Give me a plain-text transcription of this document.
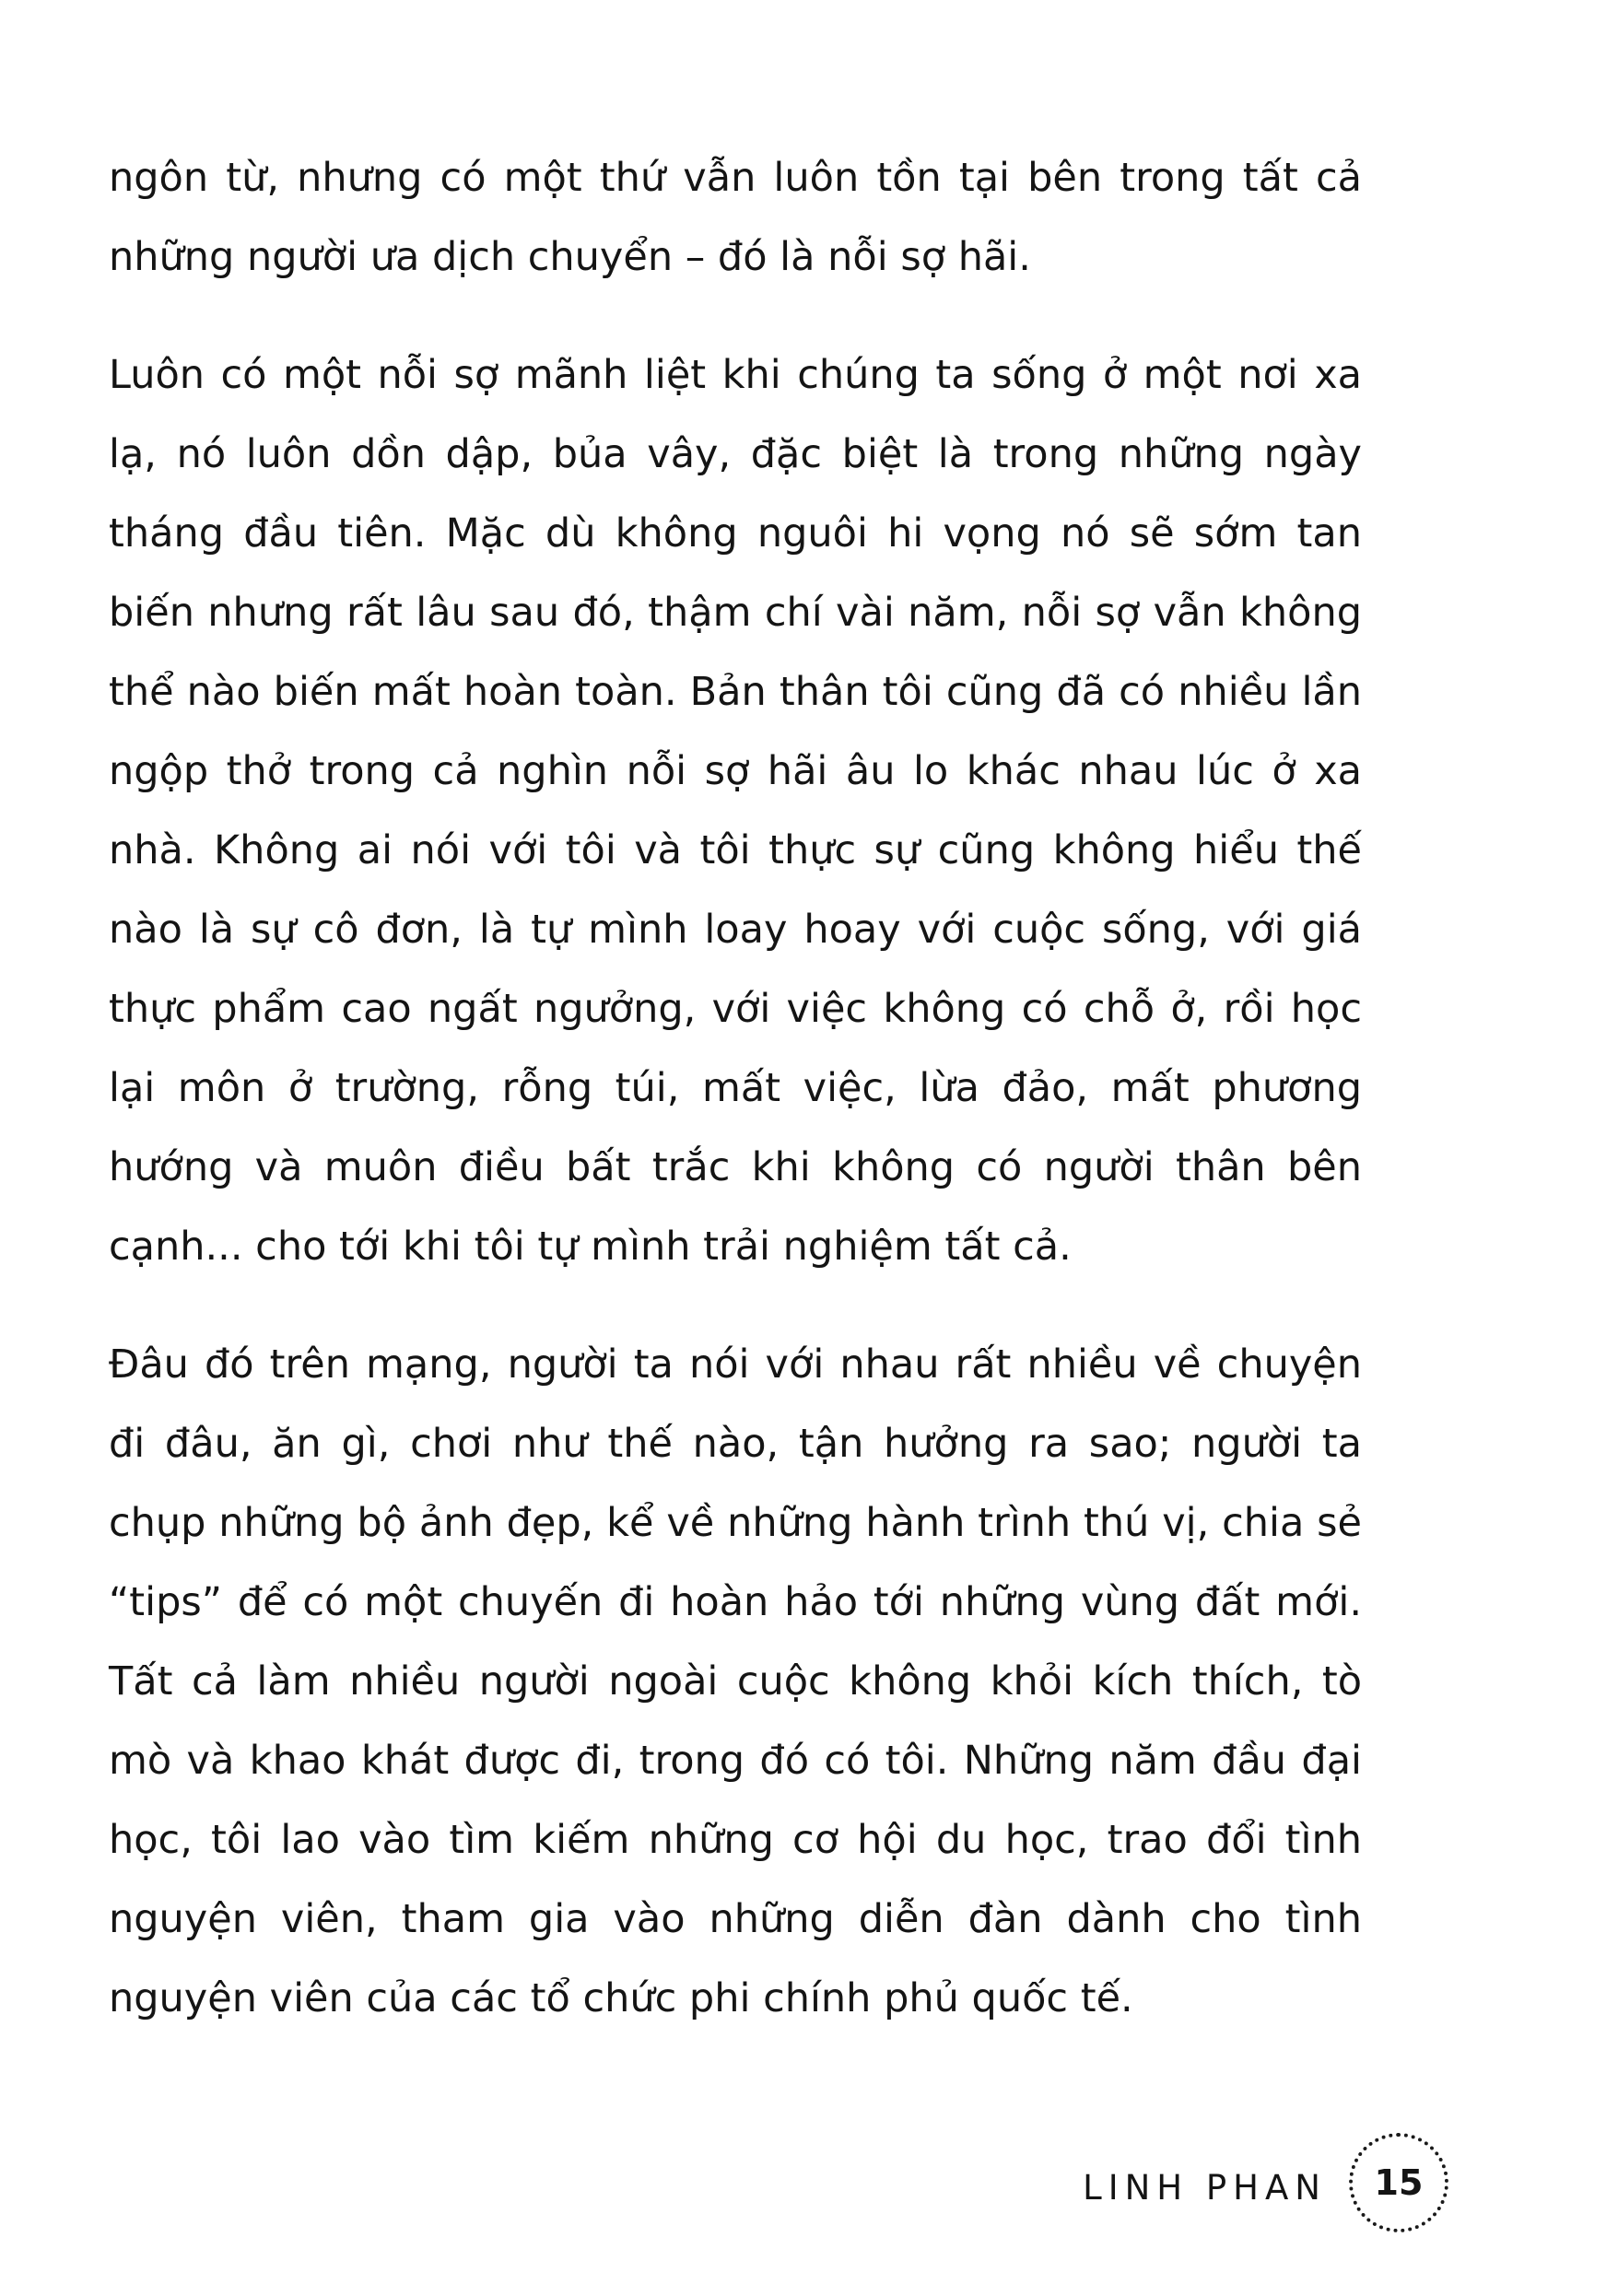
ngôn từ, nhưng có một thứ vẫn luôn tồn tại bên trong tất cả những người ưa dịch chuyển – đó là nỗi sợ hãi.

Luôn có một nỗi sợ mãnh liệt khi chúng ta sống ở một nơi xa lạ, nó luôn dồn dập, bủa vây, đặc biệt là trong những ngày tháng đầu tiên. Mặc dù không nguôi hi vọng nó sẽ sớm tan biến nhưng rất lâu sau đó, thậm chí vài năm, nỗi sợ vẫn không thể nào biến mất hoàn toàn. Bản thân tôi cũng đã có nhiều lần ngộp thở trong cả nghìn nỗi sợ hãi âu lo khác nhau lúc ở xa nhà. Không ai nói với tôi và tôi thực sự cũng không hiểu thế nào là sự cô đơn, là tự mình loay hoay với cuộc sống, với giá thực phẩm cao ngất ngưởng, với việc không có chỗ ở, rồi học lại môn ở trường, rỗng túi, mất việc, lừa đảo, mất phương hướng và muôn điều bất trắc khi không có người thân bên cạnh... cho tới khi tôi tự mình trải nghiệm tất cả.

Đâu đó trên mạng, người ta nói với nhau rất nhiều về chuyện đi đâu, ăn gì, chơi như thế nào, tận hưởng ra sao; người ta chụp những bộ ảnh đẹp, kể về những hành trình thú vị, chia sẻ “tips” để có một chuyến đi hoàn hảo tới những vùng đất mới. Tất cả làm nhiều người ngoài cuộc không khỏi kích thích, tò mò và khao khát được đi, trong đó có tôi. Những năm đầu đại học, tôi lao vào tìm kiếm những cơ hội du học, trao đổi tình nguyện viên, tham gia vào những diễn đàn dành cho tình nguyện viên của các tổ chức phi chính phủ quốc tế.

LINH PHAN 15
